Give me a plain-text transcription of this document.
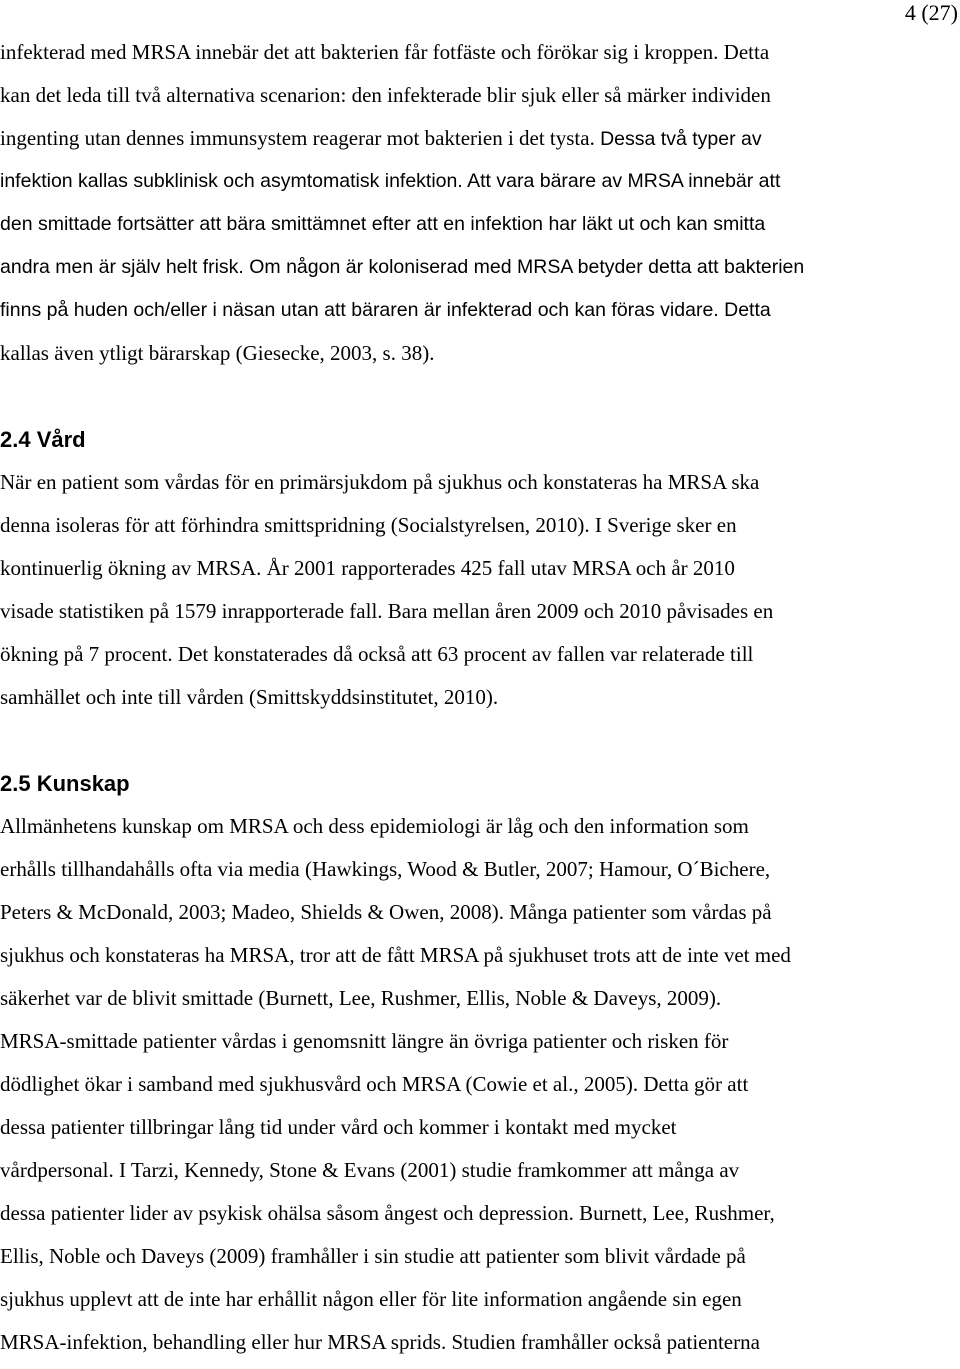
4 (27)
infekterad med MRSA innebär det att bakterien får fotfäste och förökar sig i kroppen. Detta
kan det leda till två alternativa scenarion: den infekterade blir sjuk eller så märker individen
ingenting utan dennes immunsystem reagerar mot bakterien i det tysta. Dessa två typer av
infektion kallas subklinisk och asymtomatisk infektion. Att vara bärare av MRSA innebär att
den smittade fortsätter att bära smittämnet efter att en infektion har läkt ut och kan smitta
andra men är själv helt frisk. Om någon är koloniserad med MRSA betyder detta att bakterien
finns på huden och/eller i näsan utan att bäraren är infekterad och kan föras vidare. Detta
kallas även ytligt bärarskap (Giesecke, 2003, s. 38).
2.4 Vård
När en patient som vårdas för en primärsjukdom på sjukhus och konstateras ha MRSA ska
denna isoleras för att förhindra smittspridning (Socialstyrelsen, 2010). I Sverige sker en
kontinuerlig ökning av MRSA. År 2001 rapporterades 425 fall utav MRSA och år 2010
visade statistiken på 1579 inrapporterade fall. Bara mellan åren 2009 och 2010 påvisades en
ökning på 7 procent. Det konstaterades då också att 63 procent av fallen var relaterade till
samhället och inte till vården (Smittskyddsinstitutet, 2010).
2.5 Kunskap
Allmänhetens kunskap om MRSA och dess epidemiologi är låg och den information som
erhålls tillhandahålls ofta via media (Hawkings, Wood & Butler, 2007; Hamour, O´Bichere,
Peters & McDonald, 2003; Madeo, Shields & Owen, 2008). Många patienter som vårdas på
sjukhus och konstateras ha MRSA, tror att de fått MRSA på sjukhuset trots att de inte vet med
säkerhet var de blivit smittade (Burnett, Lee, Rushmer, Ellis, Noble & Daveys, 2009).
MRSA-smittade patienter vårdas i genomsnitt längre än övriga patienter och risken för
dödlighet ökar i samband med sjukhusvård och MRSA (Cowie et al., 2005). Detta gör att
dessa patienter tillbringar lång tid under vård och kommer i kontakt med mycket
vårdpersonal. I Tarzi, Kennedy, Stone & Evans (2001) studie framkommer att många av
dessa patienter lider av psykisk ohälsa såsom ångest och depression. Burnett, Lee, Rushmer,
Ellis, Noble och Daveys (2009) framhåller i sin studie att patienter som blivit vårdade på
sjukhus upplevt att de inte har erhållit någon eller för lite information angående sin egen
MRSA-infektion, behandling eller hur MRSA sprids. Studien framhåller också patienterna
